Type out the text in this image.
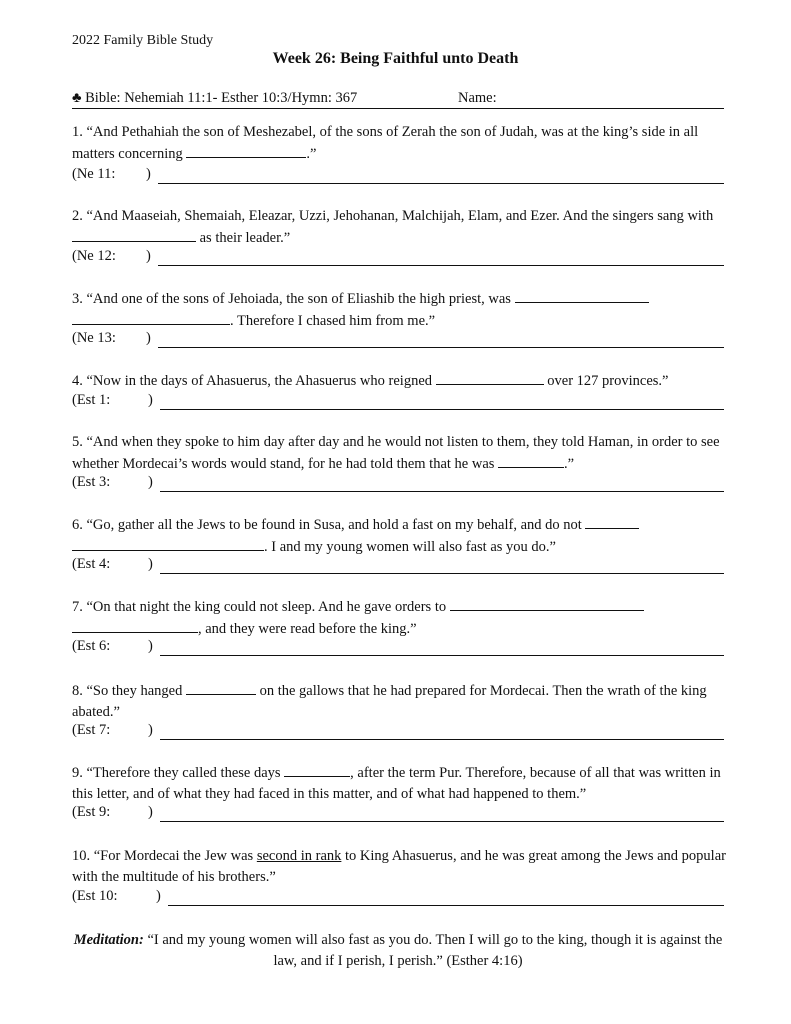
2022 Family Bible Study
Week 26: Being Faithful unto Death
♣ Bible: Nehemiah 11:1- Esther 10:3/Hymn: 367	Name:
1. “And Pethahiah the son of Meshezabel, of the sons of Zerah the son of Judah, was at the king’s side in all matters concerning	.”
(Ne 11: )
2. “And Maaseiah, Shemaiah, Eleazar, Uzzi, Jehohanan, Malchijah, Elam, and Ezer. And the singers sang with  as their leader.”
(Ne 12: )
3. “And one of the sons of Jehoiada, the son of Eliashib the high priest, was
. Therefore I chased him from me.”
(Ne 13: )
4. “Now in the days of Ahasuerus, the Ahasuerus who reigned	over 127 provinces.”
(Est 1:	)
5. “And when they spoke to him day after day and he would not listen to them, they told Haman, in order to see whether Mordecai’s words would stand, for he had told them that he was	.”
(Est 3:	)
6. “Go, gather all the Jews to be found in Susa, and hold a fast on my behalf, and do not
. I and my young women will also fast as you do.”
(Est 4:	)
7. “On that night the king could not sleep. And he gave orders to
, and they were read before the king.”
(Est 6:	)
8. “So they hanged	on the gallows that he had prepared for Mordecai. Then the wrath of the king abated.”
(Est 7:	)
9. “Therefore they called these days	, after the term Pur. Therefore, because of all that was written in this letter, and of what they had faced in this matter, and of what had happened to them.”
(Est 9:	)
10. “For Mordecai the Jew was second in rank to King Ahasuerus, and he was great among the Jews and popular with the multitude of his brothers.”
(Est 10:	)
Meditation: “I and my young women will also fast as you do. Then I will go to the king, though it is against the law, and if I perish, I perish.” (Esther 4:16)
